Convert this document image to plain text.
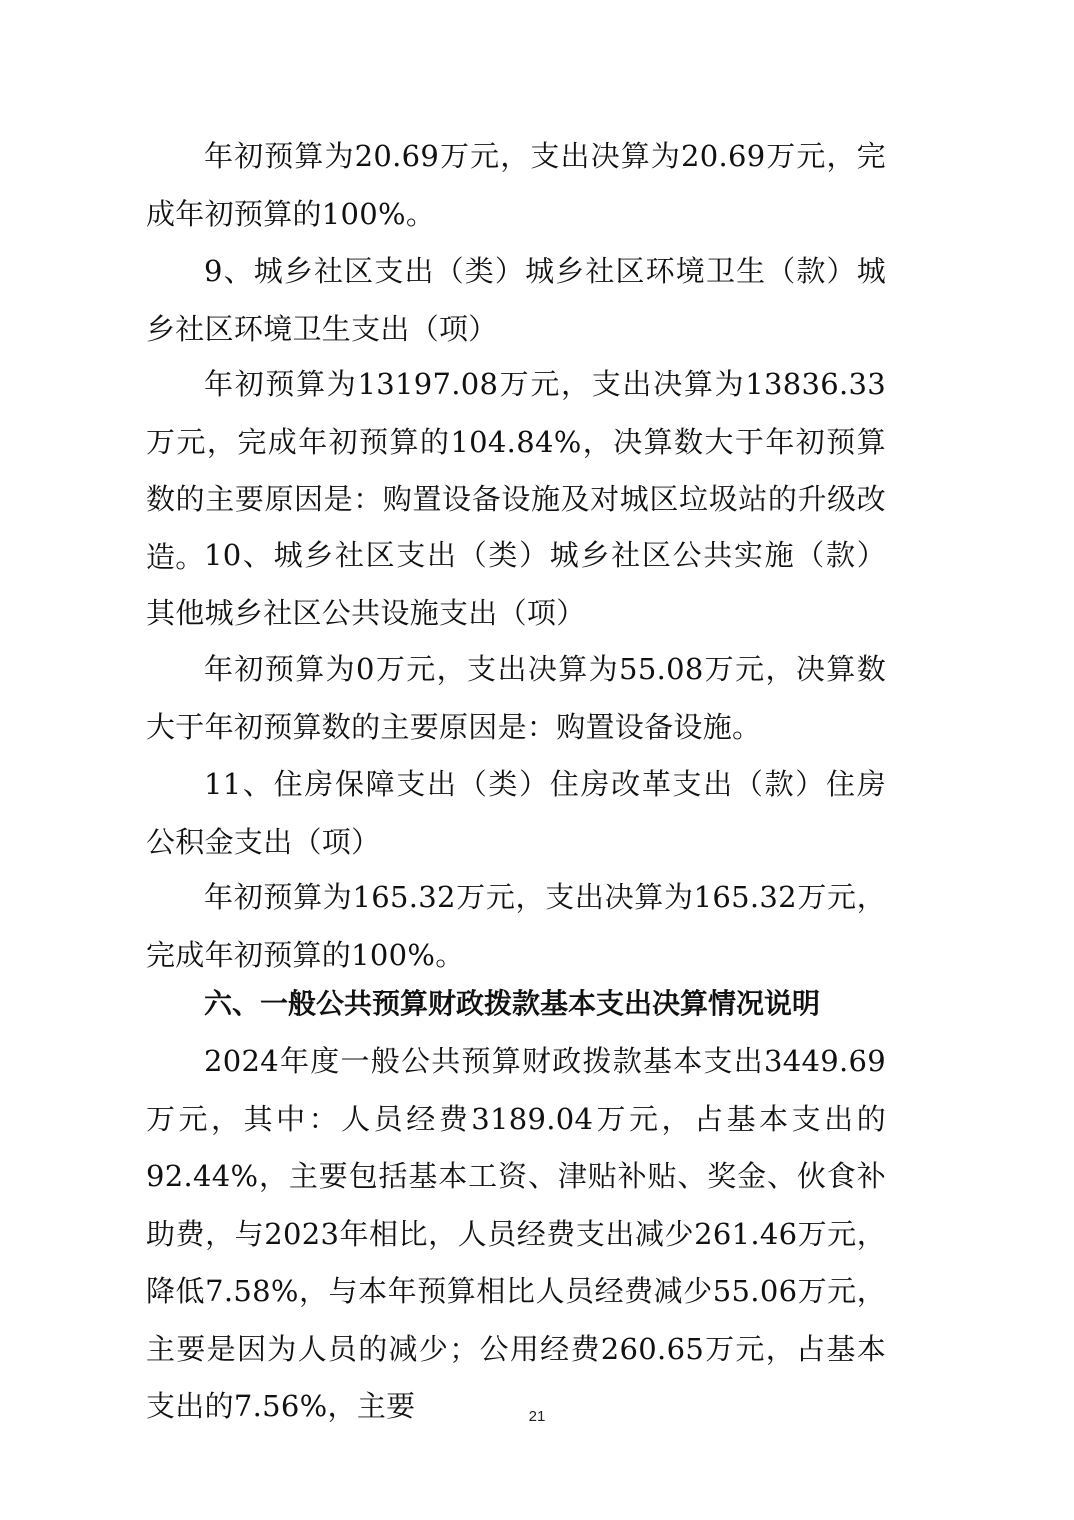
年初预算为20.69万元，支出决算为20.69万元，完成年初预算的100%。

9、城乡社区支出（类）城乡社区环境卫生（款）城乡社区环境卫生支出（项）

年初预算为13197.08万元，支出决算为13836.33万元，完成年初预算的104.84%，决算数大于年初预算数的主要原因是：购置设备设施及对城区垃圾站的升级改造。 10、城乡社区支出（类）城乡社区公共实施（款）其他城乡社区公共设施支出（项）

年初预算为0万元，支出决算为55.08万元，决算数大于年初预算数的主要原因是：购置设备设施。

11、住房保障支出（类）住房改革支出（款）住房公积金支出（项）

年初预算为165.32万元，支出决算为165.32万元，完成年初预算的100%。

六、一般公共预算财政拨款基本支出决算情况说明

2024年度一般公共预算财政拨款基本支出3449.69万元，其中：人员经费3189.04万元，占基本支出的92.44%，主要包括基本工资、津贴补贴、奖金、伙食补助费，与2023年相比，人员经费支出减少261.46万元，降低7.58%，与本年预算相比人员经费减少55.06万元，主要是因为人员的减少；公用经费260.65万元，占基本支出的7.56%，主要	21
